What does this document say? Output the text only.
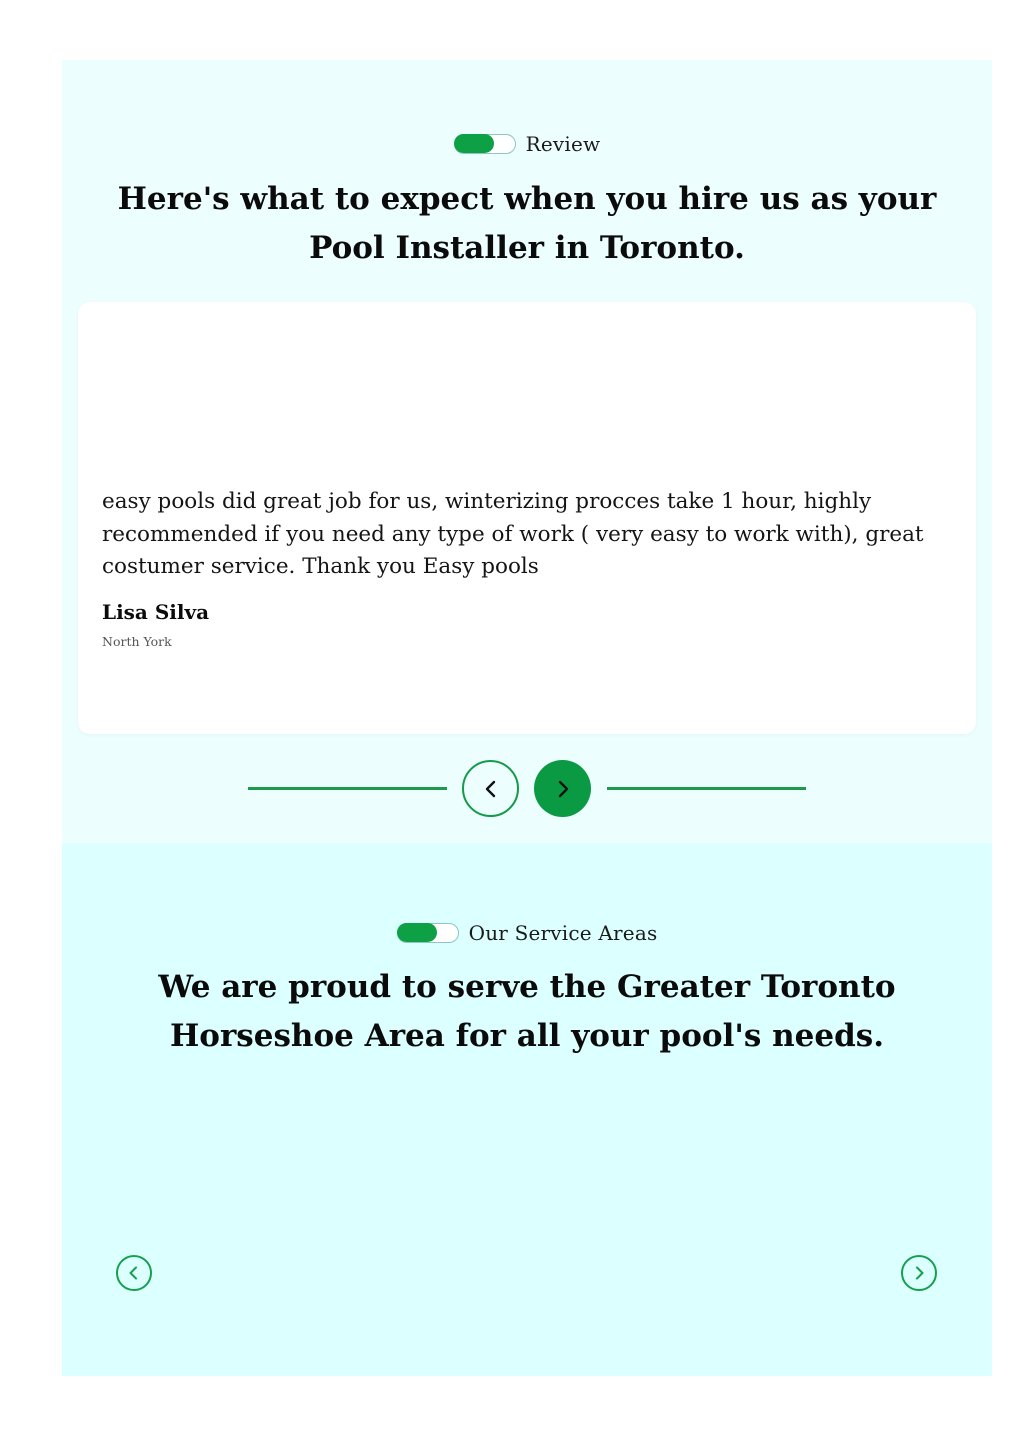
Review
Here's what to expect when you hire us as your Pool Installer in Toronto.

easy pools did great job for us, winterizing procces take 1 hour, highly recommended if you need any type of work ( very easy to work with), great costumer service. Thank you Easy pools

Lisa Silva
North York
Our Service Areas
We are proud to serve the Greater Toronto Horseshoe Area for all your pool's needs.
